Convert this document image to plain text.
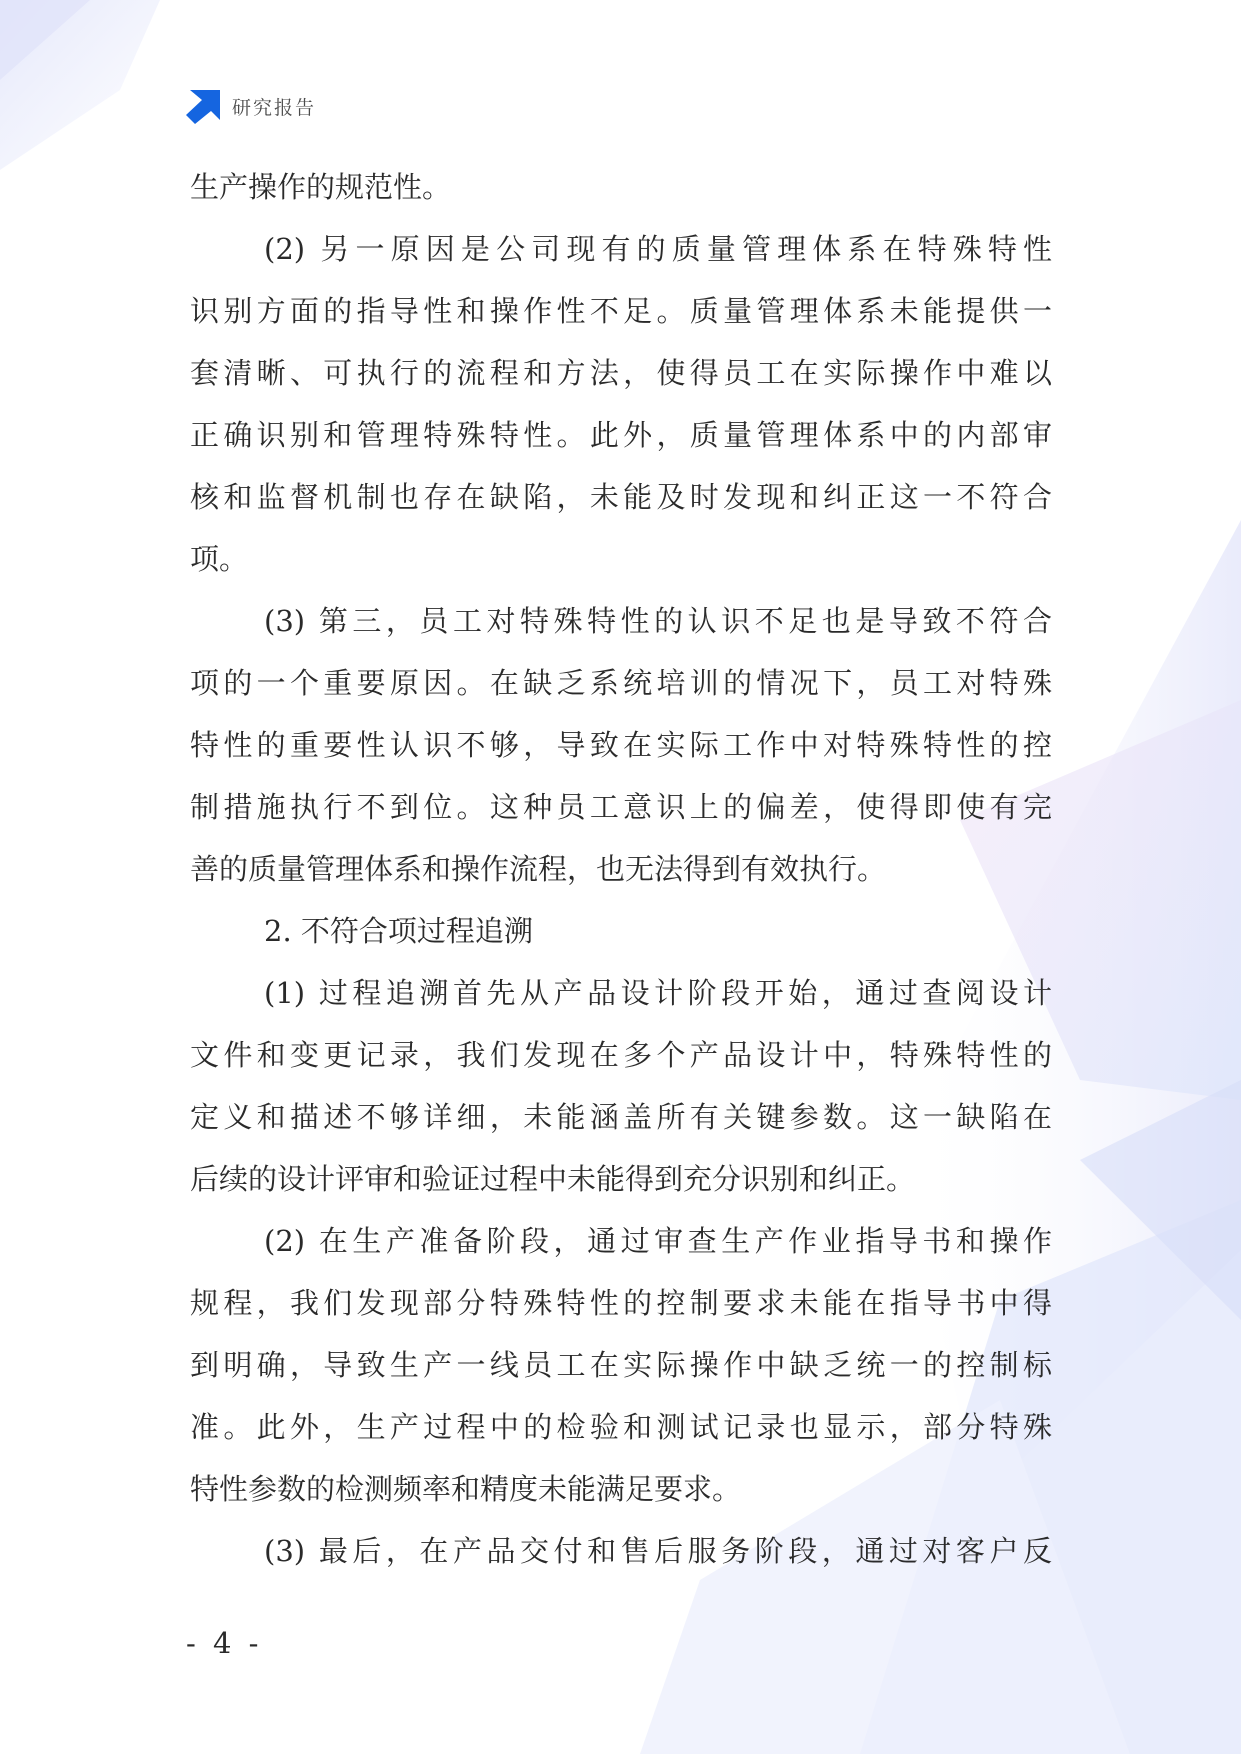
研究报告
生产操作的规范性。
(2) 另一原因是公司现有的质量管理体系在特殊特性
识别方面的指导性和操作性不足。质量管理体系未能提供一
套清晰、可执行的流程和方法，使得员工在实际操作中难以
正确识别和管理特殊特性。此外，质量管理体系中的内部审
核和监督机制也存在缺陷，未能及时发现和纠正这一不符合
项。
(3) 第三，员工对特殊特性的认识不足也是导致不符合
项的一个重要原因。在缺乏系统培训的情况下，员工对特殊
特性的重要性认识不够，导致在实际工作中对特殊特性的控
制措施执行不到位。这种员工意识上的偏差，使得即使有完
善的质量管理体系和操作流程，也无法得到有效执行。
2. 不符合项过程追溯
(1) 过程追溯首先从产品设计阶段开始，通过查阅设计
文件和变更记录，我们发现在多个产品设计中，特殊特性的
定义和描述不够详细，未能涵盖所有关键参数。这一缺陷在
后续的设计评审和验证过程中未能得到充分识别和纠正。
(2) 在生产准备阶段，通过审查生产作业指导书和操作
规程，我们发现部分特殊特性的控制要求未能在指导书中得
到明确，导致生产一线员工在实际操作中缺乏统一的控制标
准。此外，生产过程中的检验和测试记录也显示，部分特殊
特性参数的检测频率和精度未能满足要求。
(3) 最后，在产品交付和售后服务阶段，通过对客户反
- 4 -
